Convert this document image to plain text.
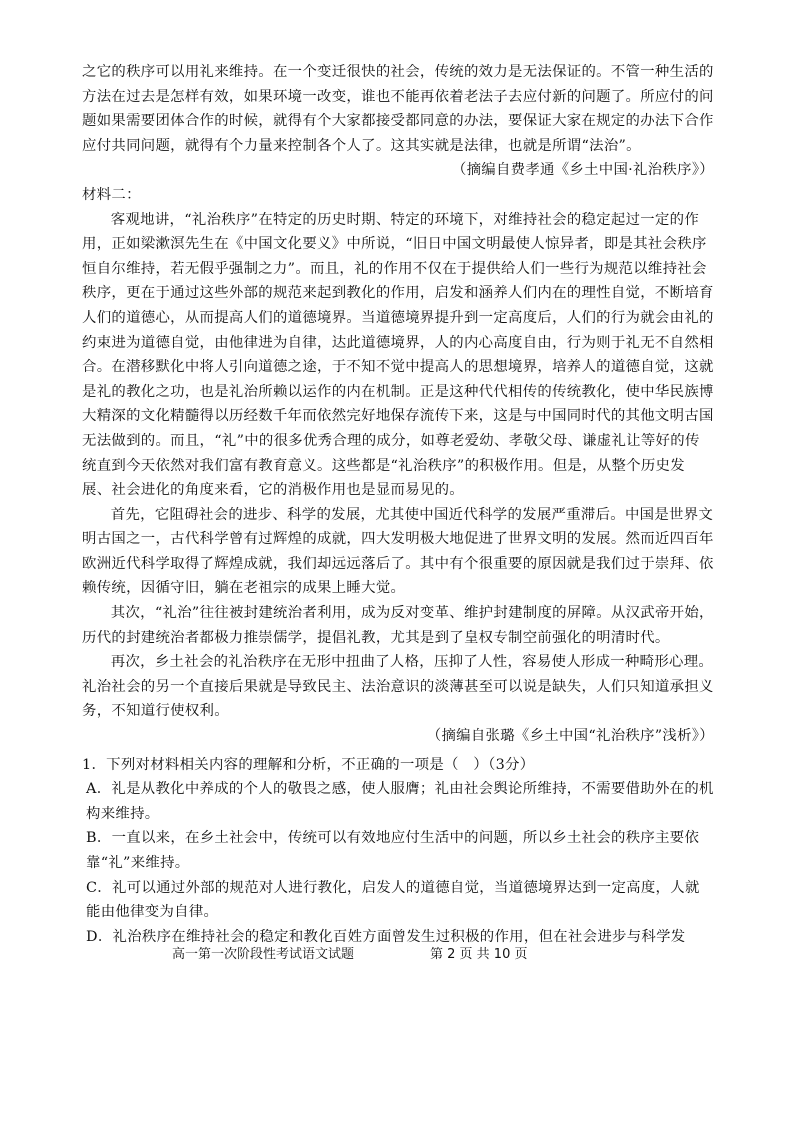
之它的秩序可以用礼来维持。在一个变迁很快的社会，传统的效力是无法保证的。不管一种生活的方法在过去是怎样有效，如果环境一改变，谁也不能再依着老法子去应付新的问题了。所应付的问题如果需要团体合作的时候，就得有个大家都接受都同意的办法，要保证大家在规定的办法下合作应付共同问题，就得有个力量来控制各个人了。这其实就是法律，也就是所谓“法治”。

（摘编自费孝通《乡土中国·礼治秩序》）

材料二：

客观地讲，“礼治秩序”在特定的历史时期、特定的环境下，对维持社会的稳定起过一定的作用，正如梁漱溟先生在《中国文化要义》中所说，“旧日中国文明最使人惊异者，即是其社会秩序恒自尔维持，若无假乎强制之力”。而且，礼的作用不仅在于提供给人们一些行为规范以维持社会秩序，更在于通过这些外部的规范来起到教化的作用，启发和涵养人们内在的理性自觉，不断培育人们的道德心，从而提高人们的道德境界。当道德境界提升到一定高度后，人们的行为就会由礼的约束进为道德自觉，由他律进为自律，达此道德境界，人的内心高度自由，行为则于礼无不自然相合。在潜移默化中将人引向道德之途，于不知不觉中提高人的思想境界，培养人的道德自觉，这就是礼的教化之功，也是礼治所赖以运作的内在机制。正是这种代代相传的传统教化，使中华民族博大精深的文化精髓得以历经数千年而依然完好地保存流传下来，这是与中国同时代的其他文明古国无法做到的。而且，“礼”中的很多优秀合理的成分，如尊老爱幼、孝敬父母、谦虚礼让等好的传统直到今天依然对我们富有教育意义。这些都是“礼治秩序”的积极作用。但是，从整个历史发展、社会进化的角度来看，它的消极作用也是显而易见的。

首先，它阻碍社会的进步、科学的发展，尤其使中国近代科学的发展严重滞后。中国是世界文明古国之一，古代科学曾有过辉煌的成就，四大发明极大地促进了世界文明的发展。然而近四百年欧洲近代科学取得了辉煌成就，我们却远远落后了。其中有个很重要的原因就是我们过于崇拜、依赖传统，因循守旧，躺在老祖宗的成果上睡大觉。

其次，“礼治”往往被封建统治者利用，成为反对变革、维护封建制度的屏障。从汉武帝开始，历代的封建统治者都极力推崇儒学，提倡礼教，尤其是到了皇权专制空前强化的明清时代。

再次，乡土社会的礼治秩序在无形中扭曲了人格，压抑了人性，容易使人形成一种畸形心理。礼治社会的另一个直接后果就是导致民主、法治意识的淡薄甚至可以说是缺失，人们只知道承担义务，不知道行使权利。

（摘编自张璐《乡土中国“礼治秩序”浅析》）

1．下列对材料相关内容的理解和分析，不正确的一项是（　）（3分）

A．礼是从教化中养成的个人的敬畏之感，使人服膺；礼由社会舆论所维持，不需要借助外在的机构来维持。

B．一直以来，在乡土社会中，传统可以有效地应付生活中的问题，所以乡土社会的秩序主要依靠“礼”来维持。

C．礼可以通过外部的规范对人进行教化，启发人的道德自觉，当道德境界达到一定高度，人就能由他律变为自律。

D．礼治秩序在维持社会的稳定和教化百姓方面曾发生过积极的作用，但在社会进步与科学发

高一第一次阶段性考试语文试题	第 2 页 共 10 页
